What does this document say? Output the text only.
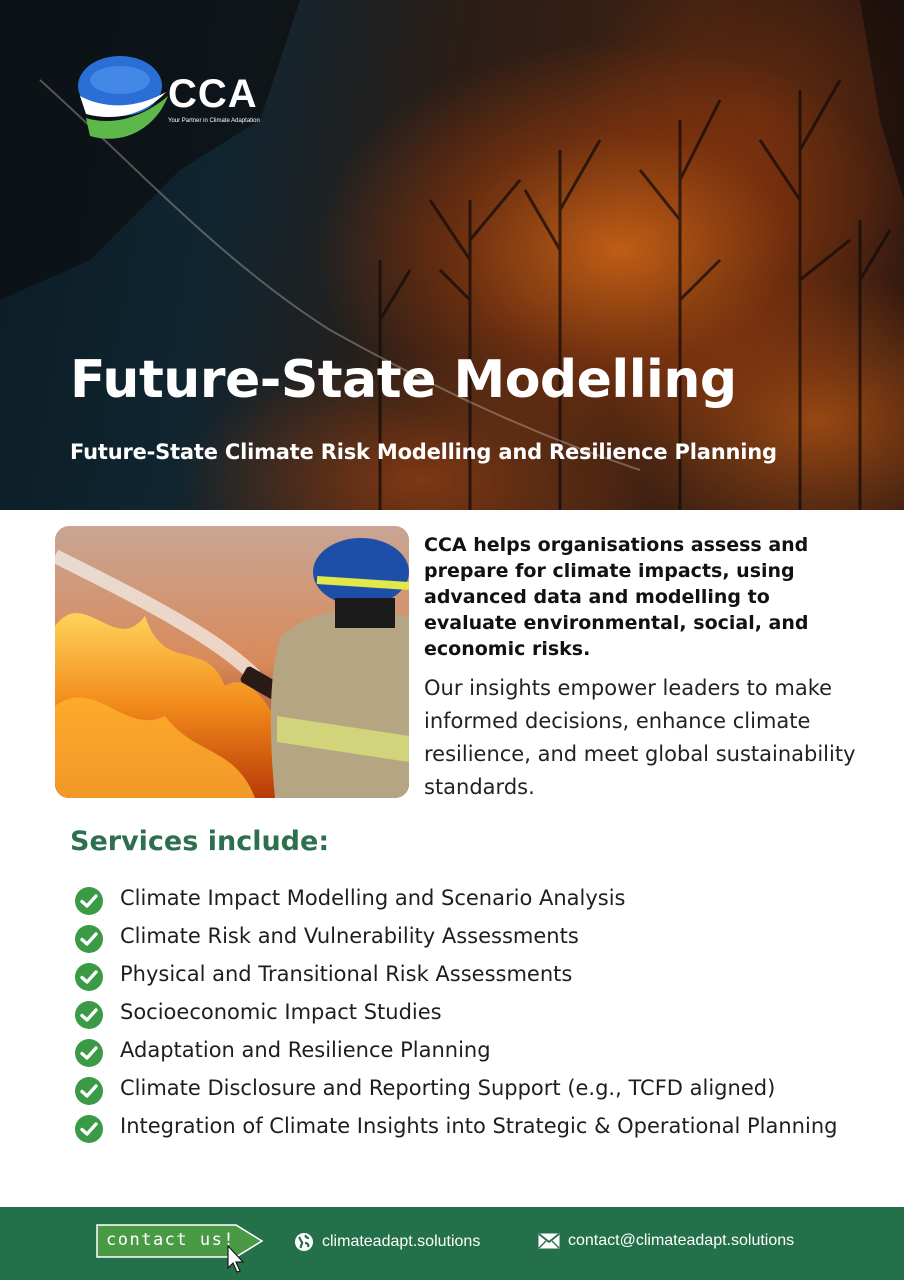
CCA
Your Partner in Climate Adaptation
Future-State Modelling
Future-State Climate Risk Modelling and Resilience Planning

CCA helps organisations assess and prepare for climate impacts, using advanced data and modelling to evaluate environmental, social, and economic risks.

Our insights empower leaders to make informed decisions, enhance climate resilience, and meet global sustainability standards.

Services include:
Climate Impact Modelling and Scenario Analysis
Climate Risk and Vulnerability Assessments
Physical and Transitional Risk Assessments
Socioeconomic Impact Studies
Adaptation and Resilience Planning
Climate Disclosure and Reporting Support (e.g., TCFD aligned)
Integration of Climate Insights into Strategic & Operational Planning
contact us!	climateadapt.solutions	contact@climateadapt.solutions
